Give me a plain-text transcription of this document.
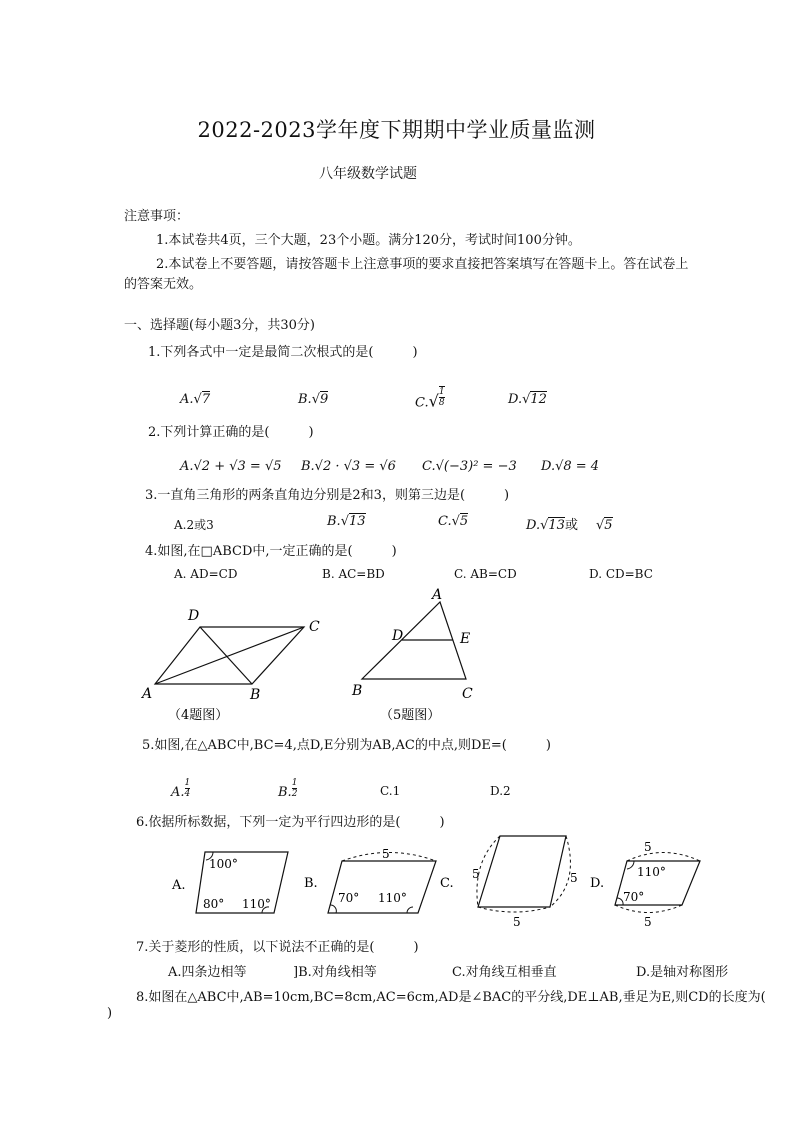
2022-2023学年度下期期中学业质量监测
八年级数学试题
注意事项：
1.本试卷共4页，三个大题，23个小题。满分120分，考试时间100分钟。
2.本试卷上不要答题，请按答题卡上注意事项的要求直接把答案填写在答题卡上。答在试卷上
的答案无效。
一、选择题(每小题3分，共30分)
1.下列各式中一定是最简二次根式的是(　　　)
A.√7	B.√9	$C.√ \frac{1}{8}$	D.√12
2.下列计算正确的是(　　　)
A.√2 + √3 = √5 B.√2 · √3 = √6 C.√(−3)² = −3 D.√8 = 4
3.一直角三角形的两条直角边分别是2和3，则第三边是(　　　)
A.2或3	B.√13	C.√5	D.√13或 √5
4.如图,在□ABCD中,一定正确的是(　　　)
A. AD=CD	B. AC=BD	C. AB=CD	D. CD=BC
A	B
C
D
（4题图）
A
B	C
D	E
（5题图）
5.如图,在△ABC中,BC=4,点D,E分别为AB,AC的中点,则DE=(　　　)
A. $\frac{1}{4}$	B. $\frac{1}{2}$	C.1	D.2
6.依据所标数据，下列一定为平行四边形的是(　　　)
A.
100°
80° 110°
B.
5
70° 110°
C.
5	5
5
D.
5
5
110°
70°
7.关于菱形的性质，以下说法不正确的是(　　　)
A.四条边相等	]B.对角线相等	C.对角线互相垂直	D.是轴对称图形
8.如图在△ABC中,AB=10cm,BC=8cm,AC=6cm,AD是∠BAC的平分线,DE⊥AB,垂足为E,则CD的长度为(
)
